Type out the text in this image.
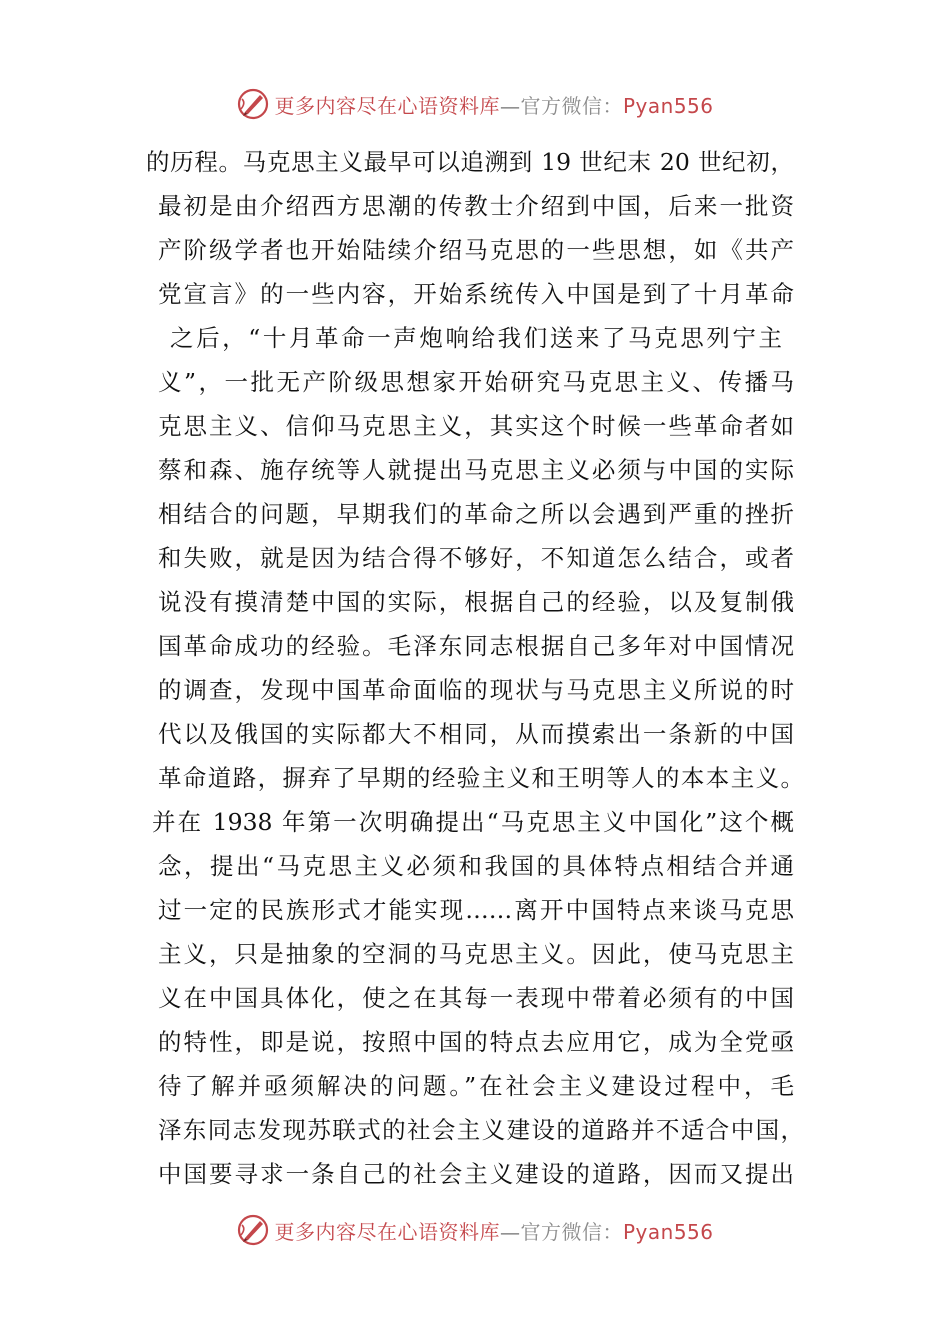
更多内容尽在心语资料库—官方微信：Pyan556
的历程。马克思主义最早可以追溯到 19 世纪末 20 世纪初，
最初是由介绍西方思潮的传教士介绍到中国，后来一批资
产阶级学者也开始陆续介绍马克思的一些思想，如《共产
党宣言》的一些内容，开始系统传入中国是到了十月革命
之后，“十月革命一声炮响给我们送来了马克思列宁主
义”，一批无产阶级思想家开始研究马克思主义、传播马
克思主义、信仰马克思主义，其实这个时候一些革命者如
蔡和森、施存统等人就提出马克思主义必须与中国的实际
相结合的问题，早期我们的革命之所以会遇到严重的挫折
和失败，就是因为结合得不够好，不知道怎么结合，或者
说没有摸清楚中国的实际，根据自己的经验，以及复制俄
国革命成功的经验。毛泽东同志根据自己多年对中国情况
的调查，发现中国革命面临的现状与马克思主义所说的时
代以及俄国的实际都大不相同，从而摸索出一条新的中国
革命道路，摒弃了早期的经验主义和王明等人的本本主义。
并在 1938 年第一次明确提出“马克思主义中国化”这个概
念，提出“马克思主义必须和我国的具体特点相结合并通
过一定的民族形式才能实现……离开中国特点来谈马克思
主义，只是抽象的空洞的马克思主义。因此，使马克思主
义在中国具体化，使之在其每一表现中带着必须有的中国
的特性，即是说，按照中国的特点去应用它，成为全党亟
待了解并亟须解决的问题。”在社会主义建设过程中，毛
泽东同志发现苏联式的社会主义建设的道路并不适合中国，
中国要寻求一条自己的社会主义建设的道路，因而又提出
更多内容尽在心语资料库—官方微信：Pyan556
